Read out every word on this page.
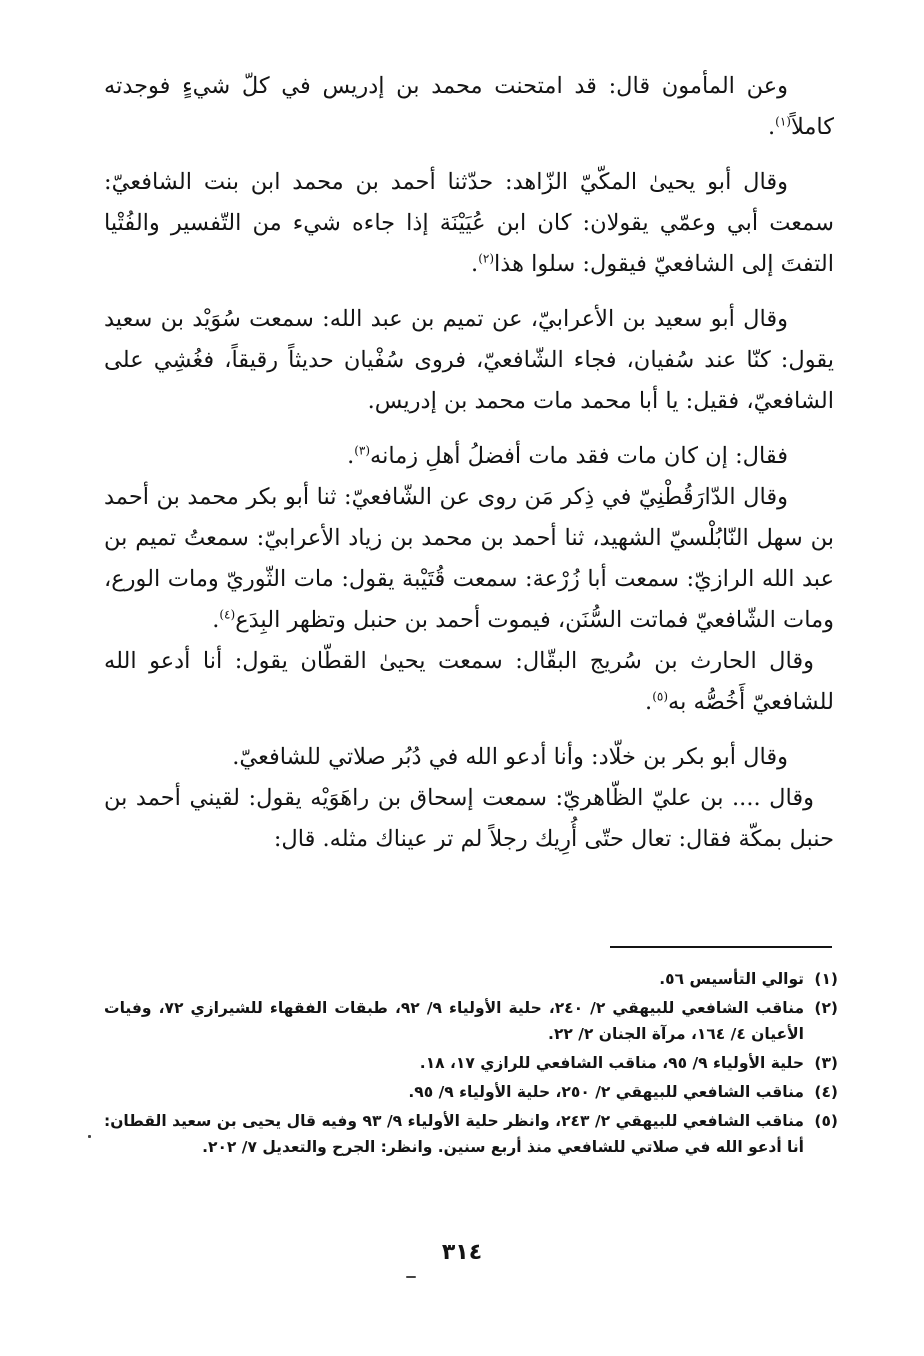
وعن المأمون قال: قد امتحنت محمد بن إدريس في كلّ شيءٍ فوجدته كاملاً$^{(١)}$.

وقال أبو يحيىٰ المكّيّ الزّاهد: حدّثنا أحمد بن محمد ابن بنت الشافعيّ: سمعت أبي وعمّي يقولان: كان ابن عُيَيْنَة إذا جاءه شيء من التّفسير والفُتْيا التفتَ إلى الشافعيّ فيقول: سلوا هذا$^{(٢)}$.

وقال أبو سعيد بن الأعرابيّ، عن تميم بن عبد الله: سمعت سُوَيْد بن سعيد يقول: كنّا عند سُفيان، فجاء الشّافعيّ، فروى سُفْيان حديثاً رقيقاً، فغُشِي على الشافعيّ، فقيل: يا أبا محمد مات محمد بن إدريس.

فقال: إن كان مات فقد مات أفضلُ أهلِ زمانه$^{(٣)}$.

وقال الدّارَقُطْنِيّ في ذِكر مَن روى عن الشّافعيّ: ثنا أبو بكر محمد بن أحمد بن سهل النّابُلْسيّ الشهيد، ثنا أحمد بن محمد بن زياد الأعرابيّ: سمعتُ تميم بن عبد الله الرازيّ: سمعت أبا زُرْعة: سمعت قُتَيْبة يقول: مات الثّوريّ ومات الورع، ومات الشّافعيّ فماتت السُّنَن، فيموت أحمد بن حنبل وتظهر البِدَع$^{(٤)}$.

وقال الحارث بن سُريج البقّال: سمعت يحيىٰ القطّان يقول: أنا أدعو الله للشافعيّ أَخُصُّه به$^{(٥)}$.

وقال أبو بكر بن خلّاد: وأنا أدعو الله في دُبُر صلاتي للشافعيّ.

وقال .... بن عليّ الظّاهريّ: سمعت إسحاق بن راهَوَيْه يقول: لقيني أحمد بن حنبل بمكّة فقال: تعال حتّى أُرِيك رجلاً لم تر عيناك مثله. قال:

(١)
توالي التأسيس ٥٦.
(٢)
مناقب الشافعي للبيهقي ٢/ ٢٤٠، حلية الأولياء ٩/ ٩٢، طبقات الفقهاء للشيرازي ٧٢، وفيات الأعيان ٤/ ١٦٤، مرآة الجنان ٢/ ٢٢.
(٣)
حلية الأولياء ٩/ ٩٥، مناقب الشافعي للرازي ١٧، ١٨.
(٤)
مناقب الشافعي للبيهقي ٢/ ٢٥٠، حلية الأولياء ٩/ ٩٥.
(٥)
مناقب الشافعي للبيهقي ٢/ ٢٤٣، وانظر حلية الأولياء ٩/ ٩٣ وفيه قال يحيى بن سعيد القطان: أنا أدعو الله في صلاتي للشافعي منذ أربع سنين. وانظر: الجرح والتعديل ٧/ ٢٠٢.
٣١٤
